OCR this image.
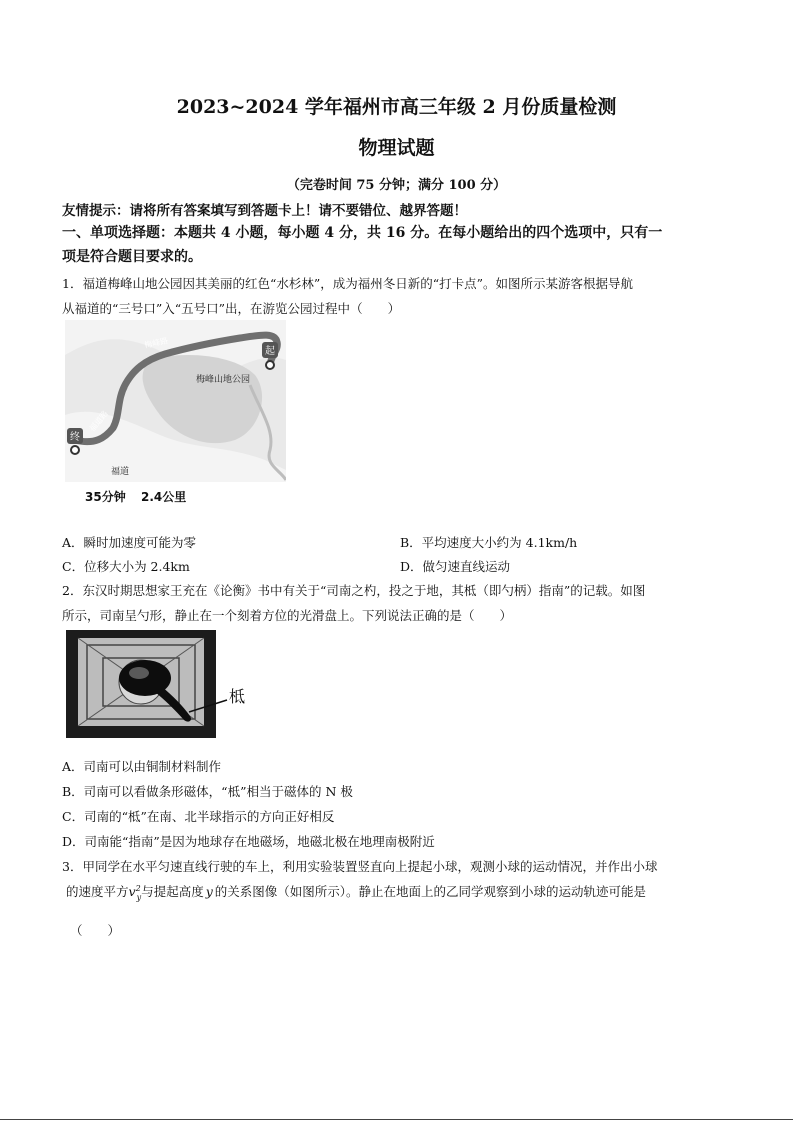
2023~2024 学年福州市高三年级 2 月份质量检测
物理试题
（完卷时间 75 分钟；满分 100 分）
友情提示：请将所有答案填写到答题卡上！请不要错位、越界答题！
一、单项选择题：本题共 4 小题，每小题 4 分，共 16 分。在每小题给出的四个选项中，只有一
项是符合题目要求的。
1．福道梅峰山地公园因其美丽的红色“水杉林”，成为福州冬日新的“打卡点”。如图所示某游客根据导航
从福道的“三号口”入“五号口”出，在游览公园过程中（　　）
梅峰路
福道路
起
终
梅峰山地公园
福道
35分钟 2.4公里
A．瞬时加速度可能为零	B．平均速度大小约为 4.1km/h
C．位移大小为 2.4km	D．做匀速直线运动
2．东汉时期思想家王充在《论衡》书中有关于“司南之杓，投之于地，其柢（即勺柄）指南”的记载。如图
所示，司南呈勺形，静止在一个刻着方位的光滑盘上。下列说法正确的是（　　）
柢
A．司南可以由铜制材料制作
B．司南可以看做条形磁体，“柢”相当于磁体的 N 极
C．司南的“柢”在南、北半球指示的方向正好相反
D．司南能“指南”是因为地球存在地磁场，地磁北极在地理南极附近
3．甲同学在水平匀速直线行驶的车上，利用实验装置竖直向上提起小球，观测小球的运动情况，并作出小球
的速度平方$v^2_y$与提起高度 y 的关系图像（如图所示）。静止在地面上的乙同学观察到小球的运动轨迹可能是
（　　）
